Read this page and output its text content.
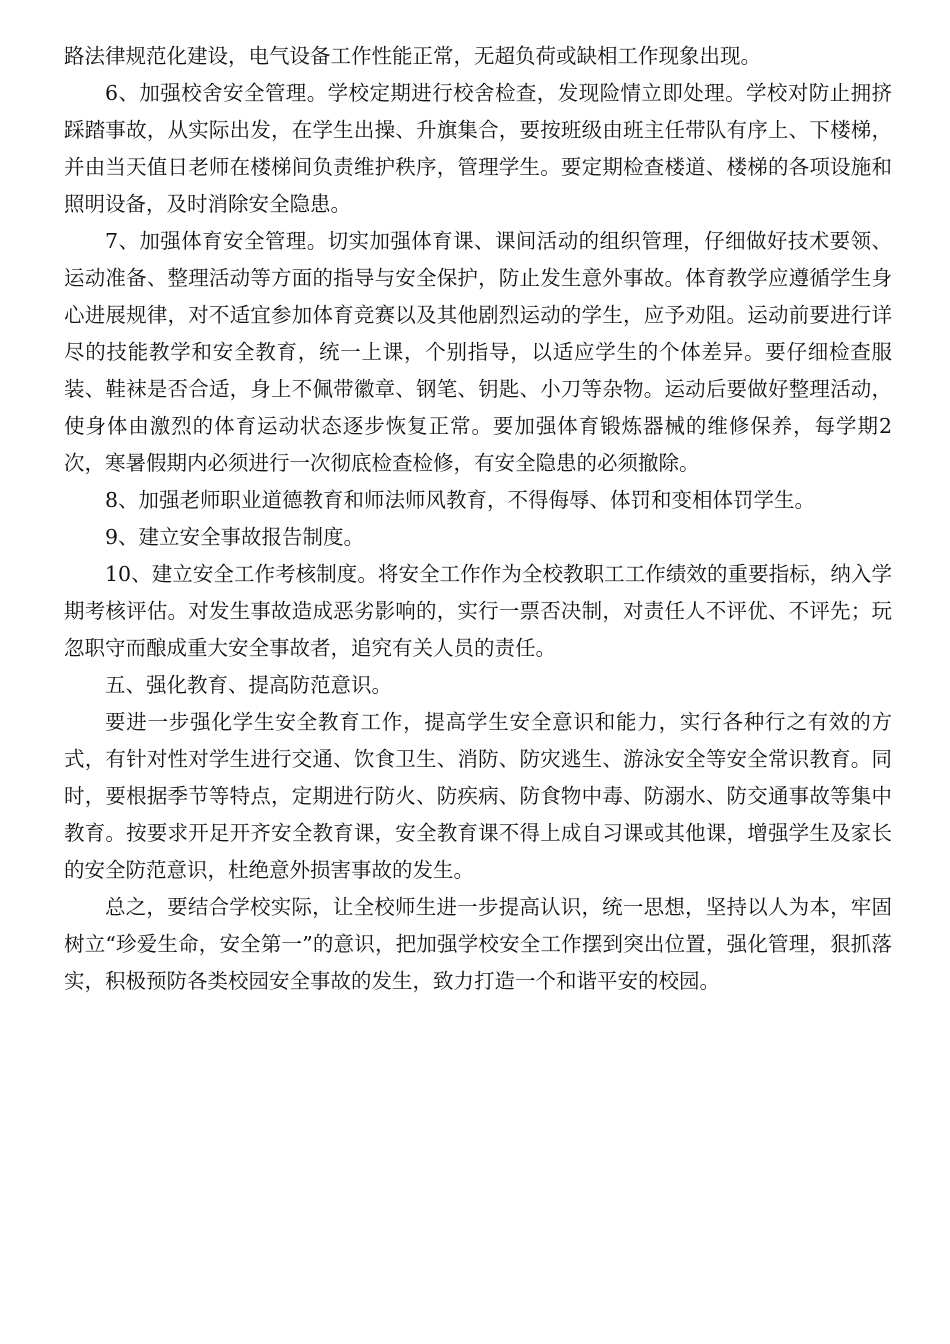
路法律规范化建设，电气设备工作性能正常，无超负荷或缺相工作现象出现。

6、加强校舍安全管理。学校定期进行校舍检查，发现险情立即处理。学校对防止拥挤踩踏事故，从实际出发，在学生出操、升旗集合，要按班级由班主任带队有序上、下楼梯，并由当天值日老师在楼梯间负责维护秩序，管理学生。要定期检查楼道、楼梯的各项设施和照明设备，及时消除安全隐患。

7、加强体育安全管理。切实加强体育课、课间活动的组织管理，仔细做好技术要领、运动准备、整理活动等方面的指导与安全保护，防止发生意外事故。体育教学应遵循学生身心进展规律，对不适宜参加体育竞赛以及其他剧烈运动的学生，应予劝阻。运动前要进行详尽的技能教学和安全教育，统一上课，个别指导，以适应学生的个体差异。要仔细检查服装、鞋袜是否合适，身上不佩带徽章、钢笔、钥匙、小刀等杂物。运动后要做好整理活动，使身体由激烈的体育运动状态逐步恢复正常。要加强体育锻炼器械的维修保养，每学期2次，寒暑假期内必须进行一次彻底检查检修，有安全隐患的必须撤除。

8、加强老师职业道德教育和师法师风教育，不得侮辱、体罚和变相体罚学生。

9、建立安全事故报告制度。

10、建立安全工作考核制度。将安全工作作为全校教职工工作绩效的重要指标，纳入学期考核评估。对发生事故造成恶劣影响的，实行一票否决制，对责任人不评优、不评先；玩忽职守而酿成重大安全事故者，追究有关人员的责任。

五、强化教育、提高防范意识。

要进一步强化学生安全教育工作，提高学生安全意识和能力，实行各种行之有效的方式，有针对性对学生进行交通、饮食卫生、消防、防灾逃生、游泳安全等安全常识教育。同时，要根据季节等特点，定期进行防火、防疾病、防食物中毒、防溺水、防交通事故等集中教育。按要求开足开齐安全教育课，安全教育课不得上成自习课或其他课，增强学生及家长的安全防范意识，杜绝意外损害事故的发生。

总之，要结合学校实际，让全校师生进一步提高认识，统一思想，坚持以人为本，牢固树立“珍爱生命，安全第一”的意识，把加强学校安全工作摆到突出位置，强化管理，狠抓落实，积极预防各类校园安全事故的发生，致力打造一个和谐平安的校园。
